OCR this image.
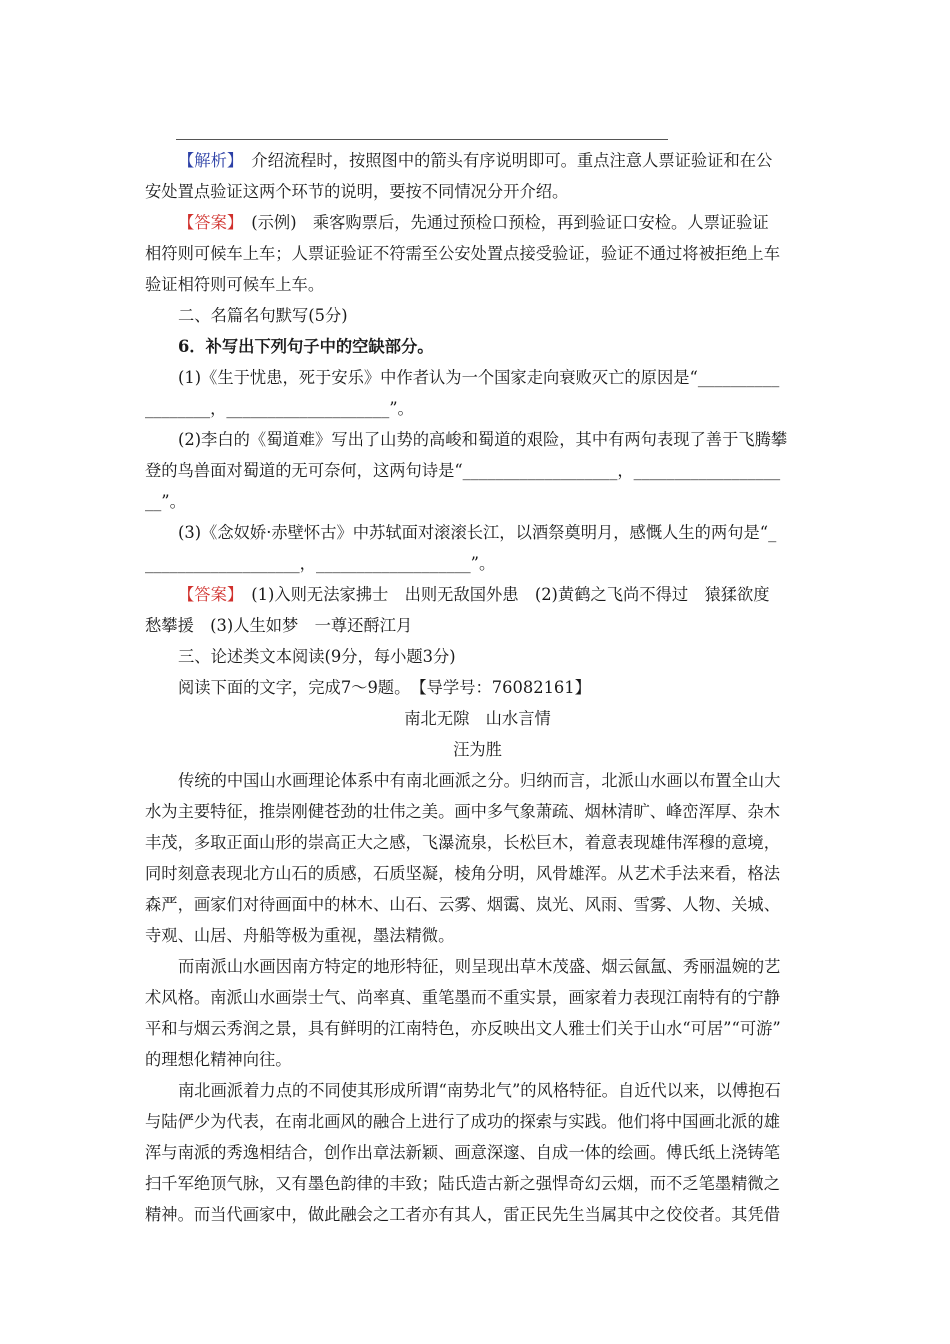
【解析】　 介绍流程时，按照图中的箭头有序说明即可。重点注意人票证验证和在公
安处置点验证这两个环节的说明，要按不同情况分开介绍。
【答案】　 (示例)　乘客购票后，先通过预检口预检，再到验证口安检。人票证验证
相符则可候车上车；人票证验证不符需至公安处置点接受验证，验证不通过将被拒绝上车
验证相符则可候车上车。
二、名篇名句默写(5分)
6．补写出下列句子中的空缺部分。
(1)《生于忧患，死于安乐》中作者认为一个国家走向衰败灭亡的原因是“__________
________，____________________”。
(2)李白的《蜀道难》写出了山势的高峻和蜀道的艰险，其中有两句表现了善于飞腾攀
登的鸟兽面对蜀道的无可奈何，这两句诗是“___________________，__________________
__”。
(3)《念奴娇·赤壁怀古》中苏轼面对滚滚长江，以酒祭奠明月，感慨人生的两句是“_
___________________，___________________”。
【答案】　 (1)入则无法家拂士　出则无敌国外患　(2)黄鹤之飞尚不得过　猿猱欲度
愁攀援　(3)人生如梦　一尊还酹江月
三、论述类文本阅读(9分，每小题3分)
阅读下面的文字，完成7～9题。　【导学号：76082161】
南北无隙　山水言情
汪为胜
传统的中国山水画理论体系中有南北画派之分。归纳而言，北派山水画以布置全山大
水为主要特征，推崇刚健苍劲的壮伟之美。画中多气象萧疏、烟林清旷、峰峦浑厚、杂木
丰茂，多取正面山形的崇高正大之感，飞瀑流泉，长松巨木，着意表现雄伟浑穆的意境，
同时刻意表现北方山石的质感，石质坚凝，棱角分明，风骨雄浑。从艺术手法来看，格法
森严，画家们对待画面中的林木、山石、云雾、烟霭、岚光、风雨、雪雾、人物、关城、
寺观、山居、舟船等极为重视，墨法精微。
而南派山水画因南方特定的地形特征，则呈现出草木茂盛、烟云氤氲、秀丽温婉的艺
术风格。南派山水画崇士气、尚率真、重笔墨而不重实景，画家着力表现江南特有的宁静
平和与烟云秀润之景，具有鲜明的江南特色，亦反映出文人雅士们关于山水“可居”“可游”
的理想化精神向往。
南北画派着力点的不同使其形成所谓“南势北气”的风格特征。自近代以来，以傅抱石
与陆俨少为代表，在南北画风的融合上进行了成功的探索与实践。他们将中国画北派的雄
浑与南派的秀逸相结合，创作出章法新颖、画意深邃、自成一体的绘画。傅氏纸上浇铸笔
扫千军绝顶气脉，又有墨色韵律的丰致；陆氏造古新之强悍奇幻云烟，而不乏笔墨精微之
精神。而当代画家中，做此融会之工者亦有其人，雷正民先生当属其中之佼佼者。其凭借
